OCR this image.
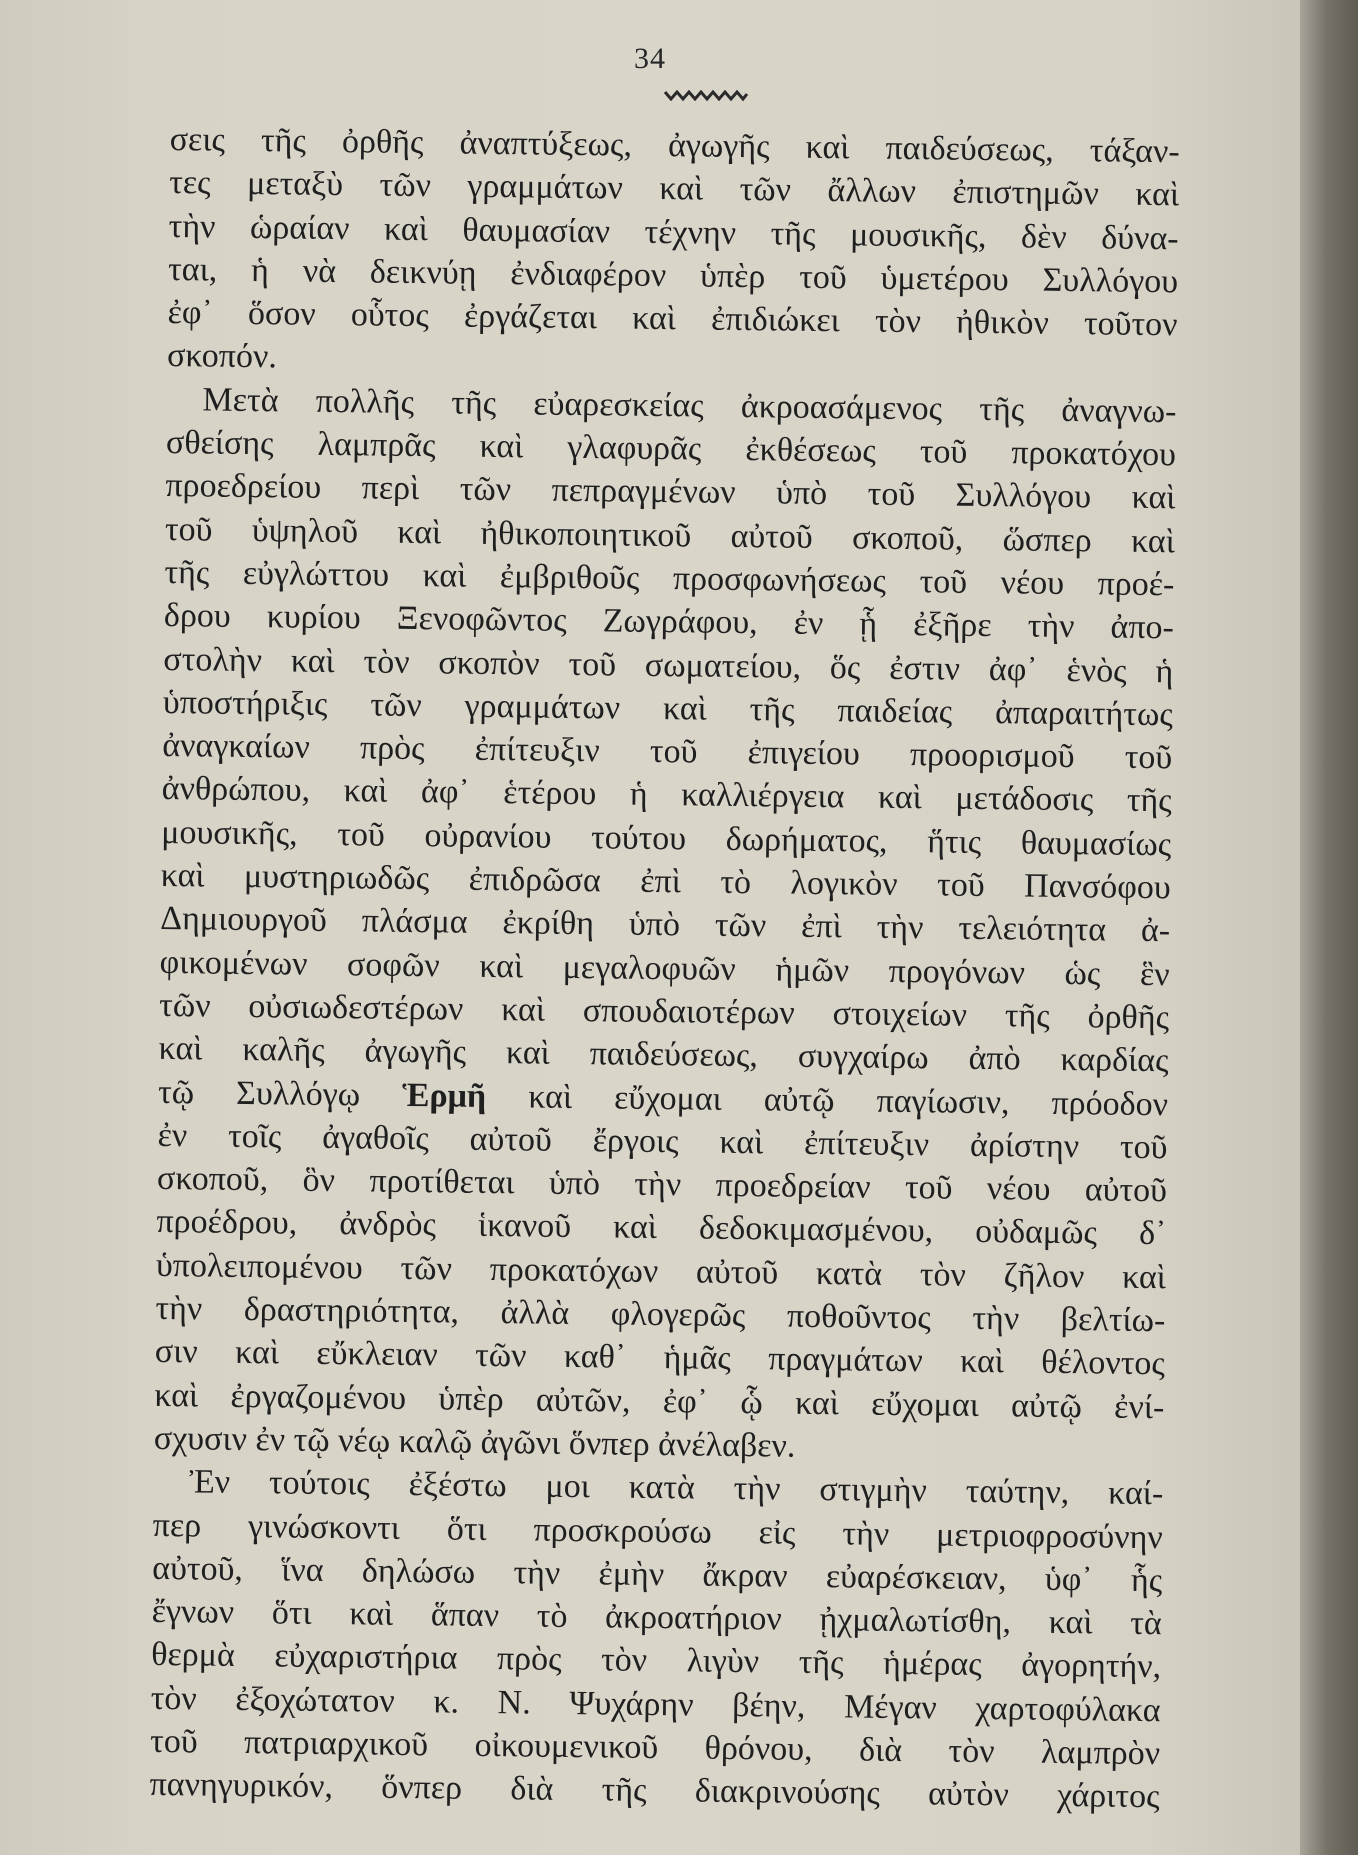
34
σεις τῆς ὀρθῆς ἀναπτύξεως, ἀγωγῆς καὶ παιδεύσεως, τάξαν-
τες μεταξὺ τῶν γραμμάτων καὶ τῶν ἄλλων ἐπιστημῶν καὶ
τὴν ὡραίαν καὶ θαυμασίαν τέχνην τῆς μουσικῆς, δὲν δύνα-
ται, ἡ νὰ δεικνύῃ ἐνδιαφέρον ὑπὲρ τοῦ ὑμετέρου Συλλόγου
ἐφ᾿ ὅσον οὗτος ἐργάζεται καὶ ἐπιδιώκει τὸν ἠθικὸν τοῦτον
σκοπόν.
Μετὰ πολλῆς τῆς εὐαρεσκείας ἀκροασάμενος τῆς ἀναγνω-
σθείσης λαμπρᾶς καὶ γλαφυρᾶς ἐκθέσεως τοῦ προκατόχου
προεδρείου περὶ τῶν πεπραγμένων ὑπὸ τοῦ Συλλόγου καὶ
τοῦ ὑψηλοῦ καὶ ἠθικοποιητικοῦ αὐτοῦ σκοποῦ, ὥσπερ καὶ
τῆς εὐγλώττου καὶ ἐμβριθοῦς προσφωνήσεως τοῦ νέου προέ-
δρου κυρίου Ξενοφῶντος Ζωγράφου, ἐν ᾗ ἐξῆρε τὴν ἀπο-
στολὴν καὶ τὸν σκοπὸν τοῦ σωματείου, ὅς ἐστιν ἀφ᾿ ἑνὸς ἡ
ὑποστήριξις τῶν γραμμάτων καὶ τῆς παιδείας ἀπαραιτήτως
ἀναγκαίων πρὸς ἐπίτευξιν τοῦ ἐπιγείου προορισμοῦ τοῦ
ἀνθρώπου, καὶ ἀφ᾿ ἑτέρου ἡ καλλιέργεια καὶ μετάδοσις τῆς
μουσικῆς, τοῦ οὐρανίου τούτου δωρήματος, ἥτις θαυμασίως
καὶ μυστηριωδῶς ἐπιδρῶσα ἐπὶ τὸ λογικὸν τοῦ Πανσόφου
Δημιουργοῦ πλάσμα ἐκρίθη ὑπὸ τῶν ἐπὶ τὴν τελειότητα ἀ-
φικομένων σοφῶν καὶ μεγαλοφυῶν ἡμῶν προγόνων ὡς ἓν
τῶν οὐσιωδεστέρων καὶ σπουδαιοτέρων στοιχείων τῆς ὀρθῆς
καὶ καλῆς ἀγωγῆς καὶ παιδεύσεως, συγχαίρω ἀπὸ καρδίας
τῷ Συλλόγῳ Ἑρμῆ καὶ εὔχομαι αὐτῷ παγίωσιν, πρόοδον
ἐν τοῖς ἀγαθοῖς αὐτοῦ ἔργοις καὶ ἐπίτευξιν ἀρίστην τοῦ
σκοποῦ, ὃν προτίθεται ὑπὸ τὴν προεδρείαν τοῦ νέου αὐτοῦ
προέδρου, ἀνδρὸς ἱκανοῦ καὶ δεδοκιμασμένου, οὐδαμῶς δ᾿
ὑπολειπομένου τῶν προκατόχων αὐτοῦ κατὰ τὸν ζῆλον καὶ
τὴν δραστηριότητα, ἀλλὰ φλογερῶς ποθοῦντος τὴν βελτίω-
σιν καὶ εὔκλειαν τῶν καθ᾿ ἡμᾶς πραγμάτων καὶ θέλοντος
καὶ ἐργαζομένου ὑπὲρ αὐτῶν, ἐφ᾿ ᾧ καὶ εὔχομαι αὐτῷ ἐνί-
σχυσιν ἐν τῷ νέῳ καλῷ ἀγῶνι ὅνπερ ἀνέλαβεν.
Ἐν τούτοις ἐξέστω μοι κατὰ τὴν στιγμὴν ταύτην, καί-
περ γινώσκοντι ὅτι προσκρούσω εἰς τὴν μετριοφροσύνην
αὐτοῦ, ἵνα δηλώσω τὴν ἐμὴν ἄκραν εὐαρέσκειαν, ὑφ᾿ ἧς
ἔγνων ὅτι καὶ ἅπαν τὸ ἀκροατήριον ᾐχμαλωτίσθη, καὶ τὰ
θερμὰ εὐχαριστήρια πρὸς τὸν λιγὺν τῆς ἡμέρας ἀγορητήν,
τὸν ἐξοχώτατον κ. Ν. Ψυχάρην βέην, Μέγαν χαρτοφύλακα
τοῦ πατριαρχικοῦ οἰκουμενικοῦ θρόνου, διὰ τὸν λαμπρὸν
πανηγυρικόν, ὅνπερ διὰ τῆς διακρινούσης αὐτὸν χάριτος
